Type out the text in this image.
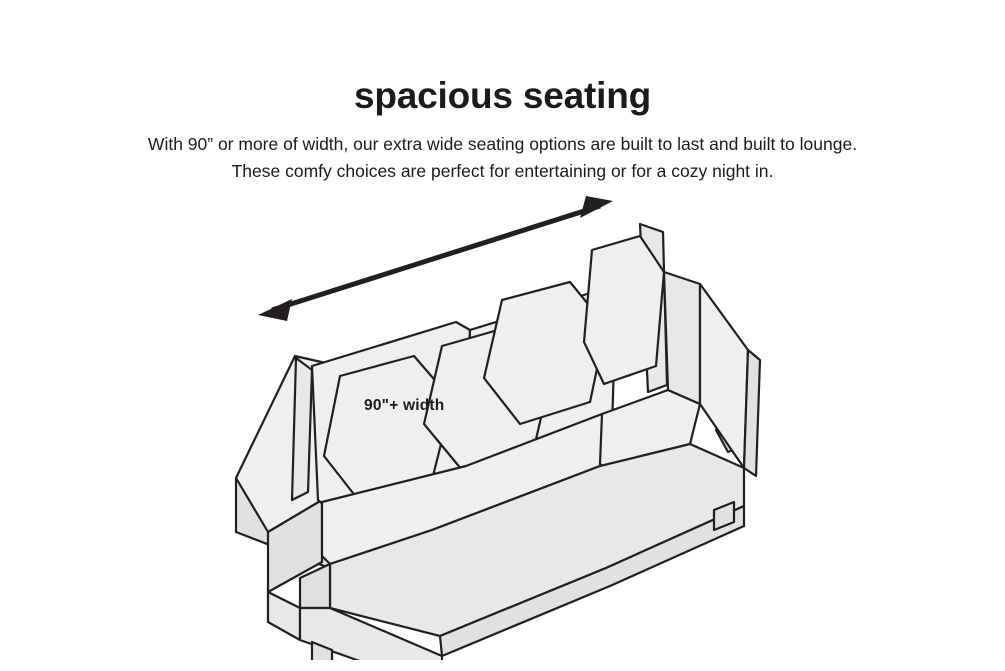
spacious seating

With 90” or more of width, our extra wide seating options are built to last and built to lounge.
These comfy choices are perfect for entertaining or for a cozy night in.

90"+ width
